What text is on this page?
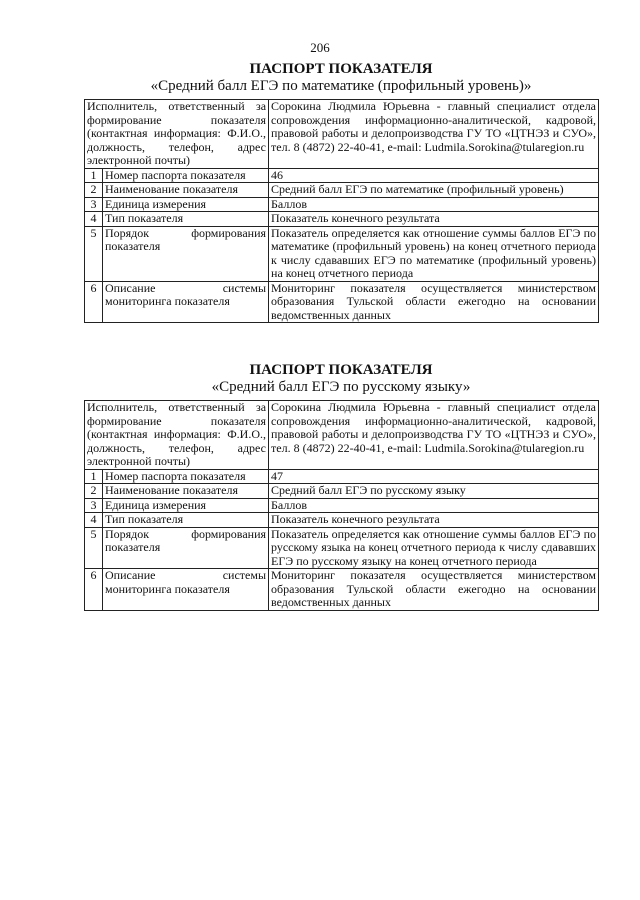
206
ПАСПОРТ ПОКАЗАТЕЛЯ
«Средний балл ЕГЭ по математике (профильный уровень)»
Исполнитель, ответственный за формирование показателя (контактная информация: Ф.И.О., должность, телефон, адрес электронной почты)		Сорокина Людмила Юрьевна - главный специалист отдела сопровождения информационно-аналитической, кадровой, правовой работы и делопроизводства ГУ ТО «ЦТНЭЗ и СУО», тел. 8 (4872) 22-40-41, e-mail: Ludmila.Sorokina@tularegion.ru
1	Номер паспорта показателя	46
2	Наименование показателя	Средний балл ЕГЭ по математике (профильный уровень)
3	Единица измерения	Баллов
4	Тип показателя	Показатель конечного результата
5	Порядок формирования показателя	Показатель определяется как отношение суммы баллов ЕГЭ по математике (профильный уровень) на конец отчетного периода к числу сдававших ЕГЭ по математике (профильный уровень) на конец отчетного периода
6	Описание системы мониторинга показателя	Мониторинг показателя осуществляется министерством образования Тульской области ежегодно на основании ведомственных данных
ПАСПОРТ ПОКАЗАТЕЛЯ
«Средний балл ЕГЭ по русскому языку»
Исполнитель, ответственный за формирование показателя (контактная информация: Ф.И.О., должность, телефон, адрес электронной почты)		Сорокина Людмила Юрьевна - главный специалист отдела сопровождения информационно-аналитической, кадровой, правовой работы и делопроизводства ГУ ТО «ЦТНЭЗ и СУО», тел. 8 (4872) 22-40-41, e-mail: Ludmila.Sorokina@tularegion.ru
1	Номер паспорта показателя	47
2	Наименование показателя	Средний балл ЕГЭ по русскому языку
3	Единица измерения	Баллов
4	Тип показателя	Показатель конечного результата
5	Порядок формирования показателя	Показатель определяется как отношение суммы баллов ЕГЭ по русскому языка на конец отчетного периода к числу сдававших ЕГЭ по русскому языку на конец отчетного периода
6	Описание системы мониторинга показателя	Мониторинг показателя осуществляется министерством образования Тульской области ежегодно на основании ведомственных данных
